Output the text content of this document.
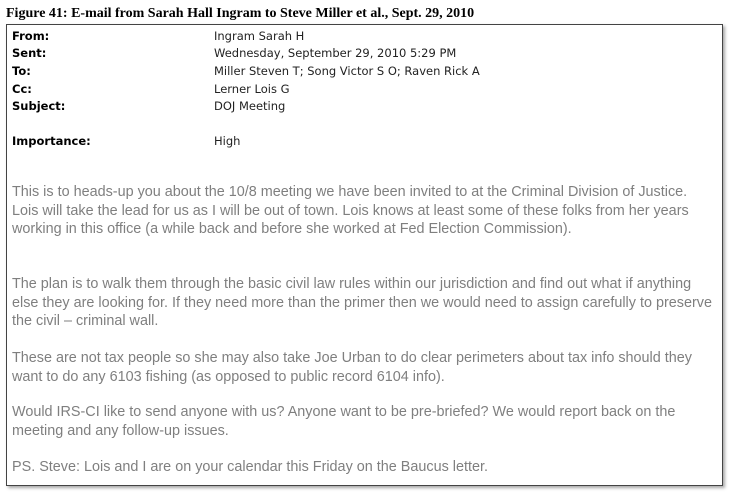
Figure 41: E-mail from Sarah Hall Ingram to Steve Miller et al., Sept. 29, 2010
From:	Ingram Sarah H
Sent:	Wednesday, September 29, 2010 5:29 PM
To:	Miller Steven T; Song Victor S O; Raven Rick A
Cc:	Lerner Lois G
Subject:	DOJ Meeting
Importance:	High

This is to heads-up you about the 10/8 meeting we have been invited to at the Criminal Division of Justice. Lois will take the lead for us as I will be out of town. Lois knows at least some of these folks from her years working in this office (a while back and before she worked at Fed Election Commission).

The plan is to walk them through the basic civil law rules within our jurisdiction and find out what if anything else they are looking for. If they need more than the primer then we would need to assign carefully to preserve the civil – criminal wall.

These are not tax people so she may also take Joe Urban to do clear perimeters about tax info should they want to do any 6103 fishing (as opposed to public record 6104 info).

Would IRS-CI like to send anyone with us? Anyone want to be pre-briefed? We would report back on the meeting and any follow-up issues.

PS. Steve: Lois and I are on your calendar this Friday on the Baucus letter.
